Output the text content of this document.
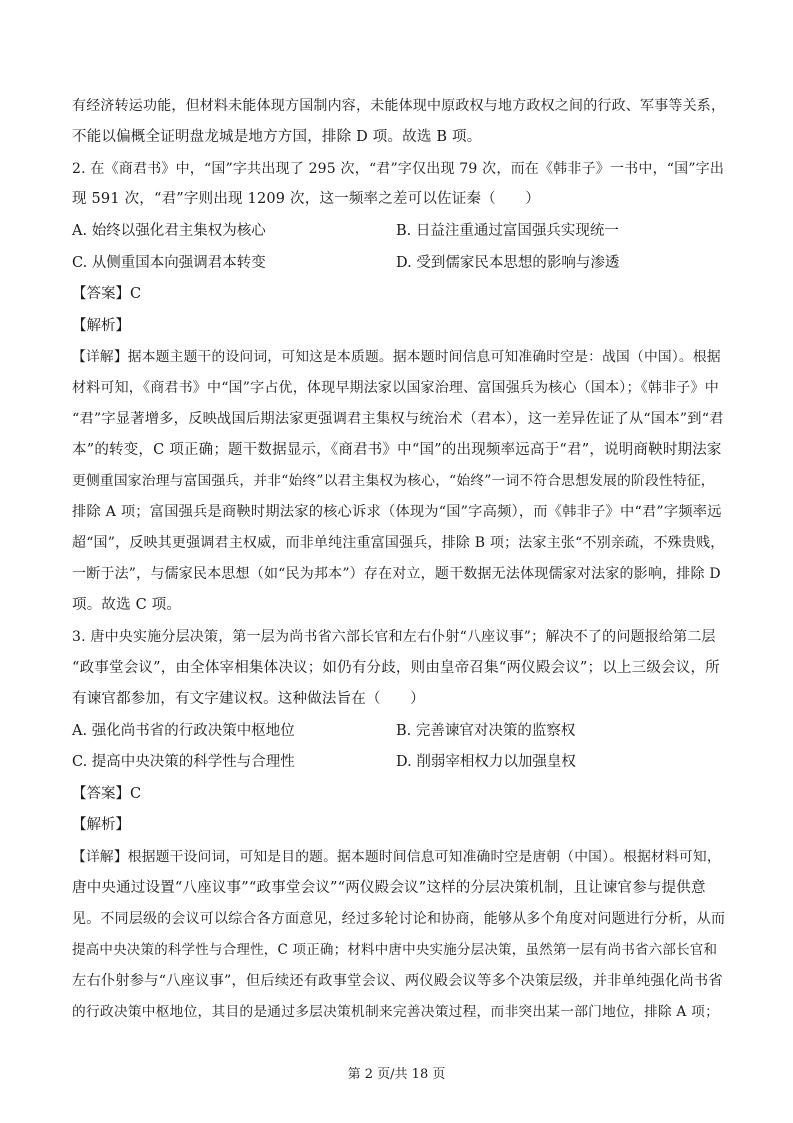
有经济转运功能，但材料未能体现方国制内容，未能体现中原政权与地方政权之间的行政、军事等关系，
不能以偏概全证明盘龙城是地方方国，排除 D 项。故选 B 项。
2. 在《商君书》中，“国”字共出现了 295 次，“君”字仅出现 79 次，而在《韩非子》一书中，“国”字出
现 591 次，“君”字则出现 1209 次，这一频率之差可以佐证秦（　　）
A. 始终以强化君主集权为核心	B. 日益注重通过富国强兵实现统一
C. 从侧重国本向强调君本转变	D. 受到儒家民本思想的影响与渗透
【答案】C
【解析】
【详解】据本题主题干的设问词，可知这是本质题。据本题时间信息可知准确时空是：战国（中国）。根据
材料可知，《商君书》中“国”字占优，体现早期法家以国家治理、富国强兵为核心（国本）；《韩非子》中
“君”字显著增多，反映战国后期法家更强调君主集权与统治术（君本），这一差异佐证了从“国本”到“君
本”的转变，C 项正确；题干数据显示，《商君书》中“国”的出现频率远高于“君”，说明商鞅时期法家
更侧重国家治理与富国强兵，并非“始终”以君主集权为核心，“始终”一词不符合思想发展的阶段性特征，
排除 A 项；富国强兵是商鞅时期法家的核心诉求（体现为“国”字高频），而《韩非子》中“君”字频率远
超“国”，反映其更强调君主权威，而非单纯注重富国强兵，排除 B 项；法家主张“不别亲疏，不殊贵贱，
一断于法”，与儒家民本思想（如“民为邦本”）存在对立，题干数据无法体现儒家对法家的影响，排除 D
项。故选 C 项。
3. 唐中央实施分层决策，第一层为尚书省六部长官和左右仆射“八座议事”；解决不了的问题报给第二层
“政事堂会议”，由全体宰相集体决议；如仍有分歧，则由皇帝召集“两仪殿会议”；以上三级会议，所
有谏官都参加，有文字建议权。这种做法旨在（　　）
A. 强化尚书省的行政决策中枢地位	B. 完善谏官对决策的监察权
C. 提高中央决策的科学性与合理性	D. 削弱宰相权力以加强皇权
【答案】C
【解析】
【详解】根据题干设问词，可知是目的题。据本题时间信息可知准确时空是唐朝（中国）。根据材料可知，
唐中央通过设置“八座议事”“政事堂会议”“两仪殿会议”这样的分层决策机制，且让谏官参与提供意
见。不同层级的会议可以综合各方面意见，经过多轮讨论和协商，能够从多个角度对问题进行分析，从而
提高中央决策的科学性与合理性，C 项正确；材料中唐中央实施分层决策，虽然第一层有尚书省六部长官和
左右仆射参与“八座议事”，但后续还有政事堂会议、两仪殿会议等多个决策层级，并非单纯强化尚书省
的行政决策中枢地位，其目的是通过多层决策机制来完善决策过程，而非突出某一部门地位，排除 A 项；
第 2 页/共 18 页
